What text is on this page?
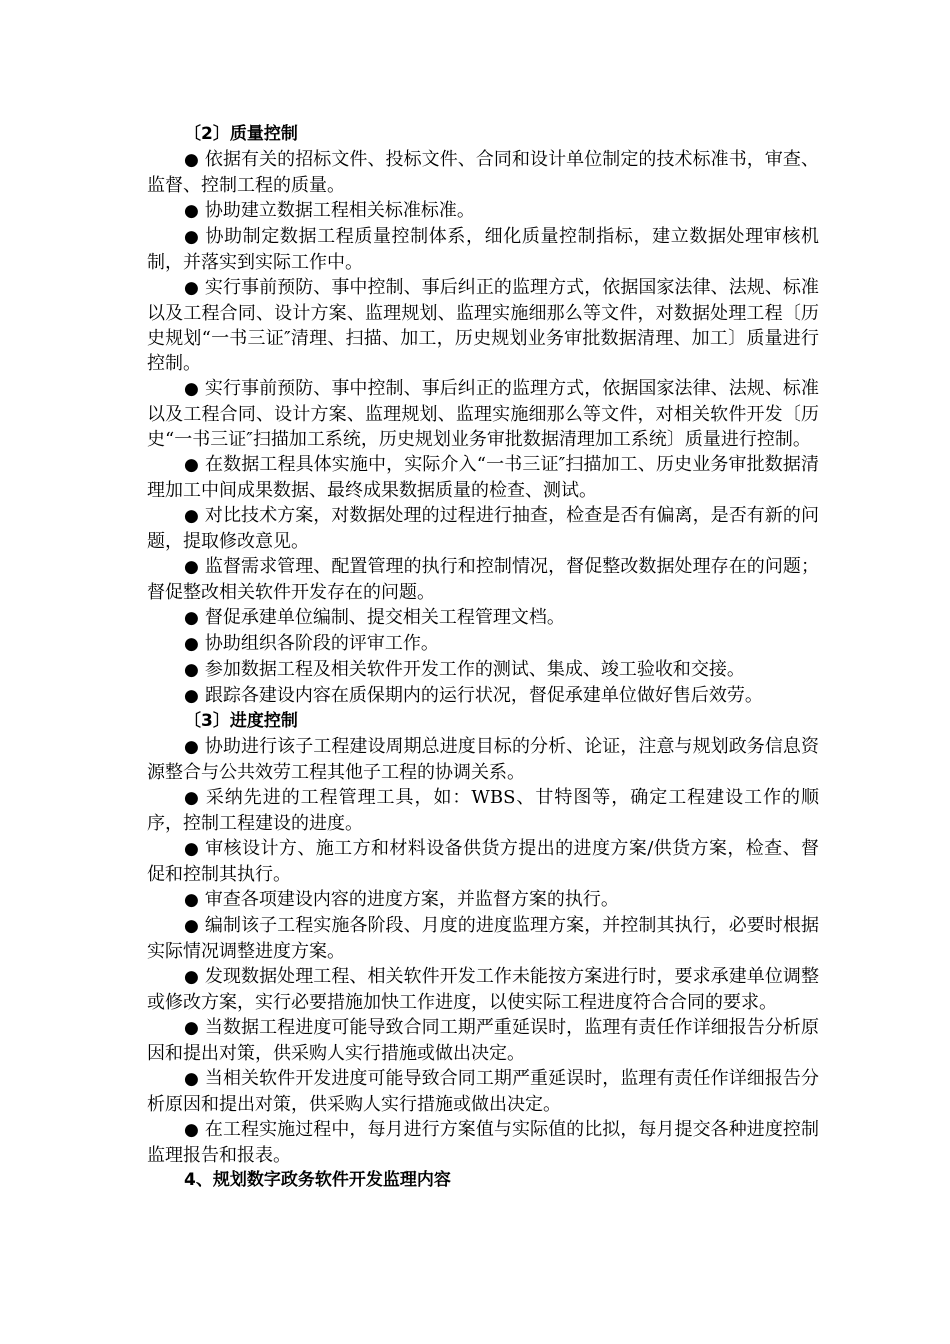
〔2〕质量控制

● 依据有关的招标文件、投标文件、合同和设计单位制定的技术标准书，审查、监督、控制工程的质量。

● 协助建立数据工程相关标准标准。

● 协助制定数据工程质量控制体系，细化质量控制指标，建立数据处理审核机制，并落实到实际工作中。

● 实行事前预防、事中控制、事后纠正的监理方式，依据国家法律、法规、标准以及工程合同、设计方案、监理规划、监理实施细那么等文件，对数据处理工程〔历史规划“一书三证″清理、扫描、加工，历史规划业务审批数据清理、加工〕质量进行控制。

● 实行事前预防、事中控制、事后纠正的监理方式，依据国家法律、法规、标准以及工程合同、设计方案、监理规划、监理实施细那么等文件，对相关软件开发〔历史“一书三证″扫描加工系统，历史规划业务审批数据清理加工系统〕质量进行控制。

● 在数据工程具体实施中，实际介入“一书三证″扫描加工、历史业务审批数据清理加工中间成果数据、最终成果数据质量的检查、测试。

● 对比技术方案，对数据处理的过程进行抽查，检查是否有偏离，是否有新的问题，提取修改意见。

● 监督需求管理、配置管理的执行和控制情况，督促整改数据处理存在的问题；督促整改相关软件开发存在的问题。

● 督促承建单位编制、提交相关工程管理文档。

● 协助组织各阶段的评审工作。

● 参加数据工程及相关软件开发工作的测试、集成、竣工验收和交接。

● 跟踪各建设内容在质保期内的运行状况，督促承建单位做好售后效劳。

〔3〕进度控制

● 协助进行该子工程建设周期总进度目标的分析、论证，注意与规划政务信息资源整合与公共效劳工程其他子工程的协调关系。

● 采纳先进的工程管理工具，如：WBS、甘特图等，确定工程建设工作的顺序，控制工程建设的进度。

● 审核设计方、施工方和材料设备供货方提出的进度方案/供货方案，检查、督促和控制其执行。

● 审查各项建设内容的进度方案，并监督方案的执行。

● 编制该子工程实施各阶段、月度的进度监理方案，并控制其执行，必要时根据实际情况调整进度方案。

● 发现数据处理工程、相关软件开发工作未能按方案进行时，要求承建单位调整或修改方案，实行必要措施加快工作进度，以使实际工程进度符合合同的要求。

● 当数据工程进度可能导致合同工期严重延误时，监理有责任作详细报告分析原因和提出对策，供采购人实行措施或做出决定。

● 当相关软件开发进度可能导致合同工期严重延误时，监理有责任作详细报告分析原因和提出对策，供采购人实行措施或做出决定。

● 在工程实施过程中，每月进行方案值与实际值的比拟，每月提交各种进度控制监理报告和报表。

4、规划数字政务软件开发监理内容
